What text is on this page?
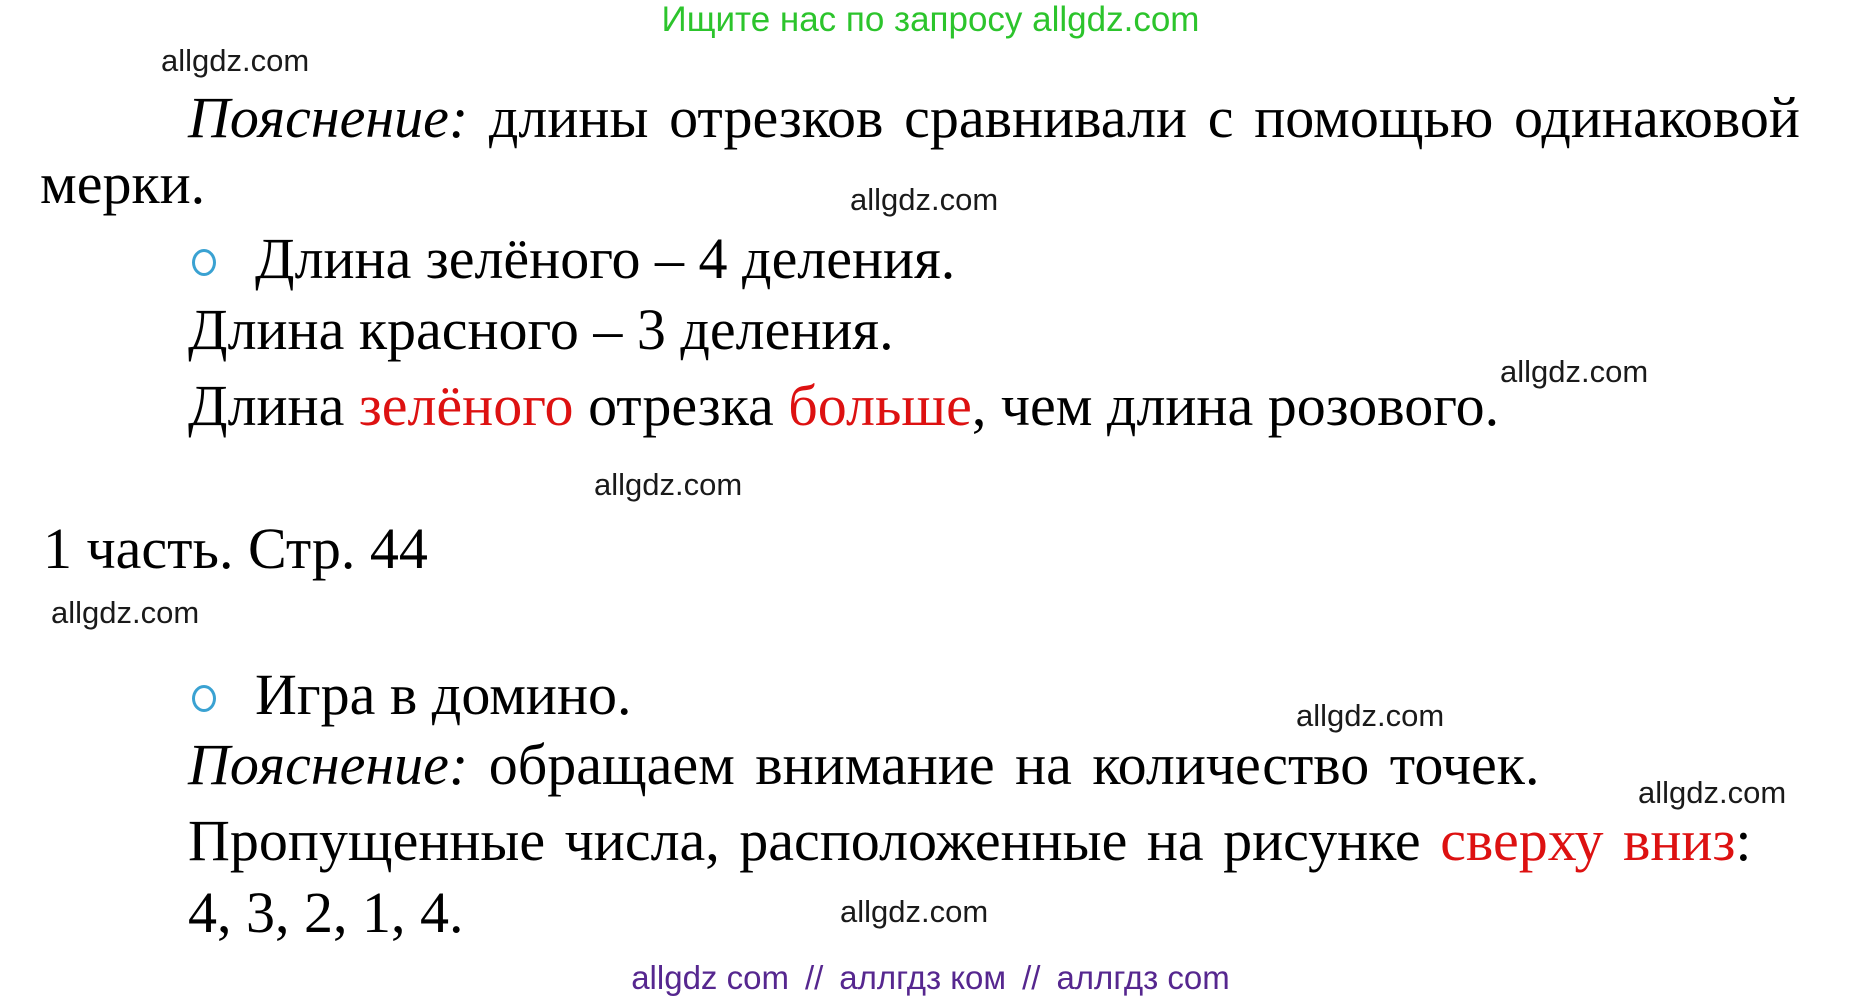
Ищите нас по запросу allgdz.com
allgdz.com
allgdz.com
allgdz.com
allgdz.com
allgdz.com
allgdz.com
allgdz.com
allgdz.com
Пояснение: длины отрезков сравнивали с помощью одинаковой
мерки.
Длина зелёного – 4 деления.
Длина красного – 3 деления.
Длина зелёного отрезка больше, чем длина розового.
1 часть. Стр. 44
Игра в домино.
Пояснение: обращаем внимание на количество точек.
Пропущенные числа, расположенные на рисунке сверху вниз:
4, 3, 2, 1, 4.
allgdz com // аллгдз ком // аллгдз com
